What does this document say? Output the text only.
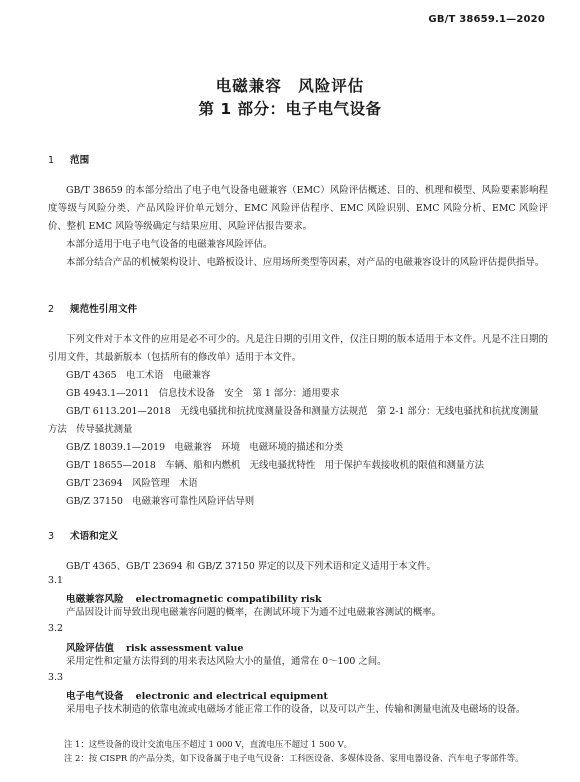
GB/T 38659.1—2020
电磁兼容　风险评估
第 1 部分：电子电气设备
1 范围

GB/T 38659 的本部分给出了电子电气设备电磁兼容（EMC）风险评估概述、目的、机理和模型、风险要素影响程度等级与风险分类、产品风险评价单元划分、EMC 风险评估程序、EMC 风险识别、EMC 风险分析、EMC 风险评价、整机 EMC 风险等级确定与结果应用、风险评估报告要求。

本部分适用于电子电气设备的电磁兼容风险评估。

本部分结合产品的机械架构设计、电路板设计、应用场所类型等因素，对产品的电磁兼容设计的风险评估提供指导。

2 规范性引用文件

下列文件对于本文件的应用是必不可少的。凡是注日期的引用文件，仅注日期的版本适用于本文件。凡是不注日期的引用文件，其最新版本（包括所有的修改单）适用于本文件。

GB/T 4365　电工术语　电磁兼容

GB 4943.1—2011　信息技术设备　安全　第 1 部分：通用要求

GB/T 6113.201—2018　无线电骚扰和抗扰度测量设备和测量方法规范　第 2-1 部分：无线电骚扰和抗扰度测量方法　传导骚扰测量

GB/Z 18039.1—2019　电磁兼容　环境　电磁环境的描述和分类

GB/T 18655—2018　车辆、船和内燃机　无线电骚扰特性　用于保护车载接收机的限值和测量方法

GB/T 23694　风险管理　术语

GB/Z 37150　电磁兼容可靠性风险评估导则

3 术语和定义

GB/T 4365、GB/T 23694 和 GB/Z 37150 界定的以及下列术语和定义适用于本文件。

3.1
电磁兼容风险 electromagnetic compatibility risk

产品因设计而导致出现电磁兼容问题的概率，在测试环境下为通不过电磁兼容测试的概率。

3.2
风险评估值 risk assessment value

采用定性和定量方法得到的用来表达风险大小的量值，通常在 0～100 之间。

3.3
电子电气设备 electronic and electrical equipment

采用电子技术制造的依靠电流或电磁场才能正常工作的设备，以及可以产生、传输和测量电流及电磁场的设备。

注 1：这些设备的设计交流电压不超过 1 000 V，直流电压不超过 1 500 V。
注 2：按 CISPR 的产品分类，如下设备属于电子电气设备：工科医设备、多媒体设备、家用电器设备、汽车电子零部件等。
